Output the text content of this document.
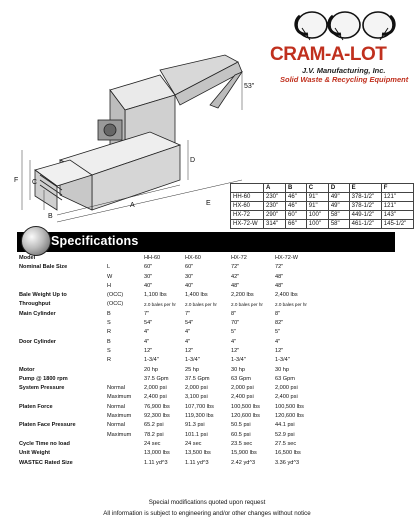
CRAM-A-LOT
J.V. Manufacturing, Inc.
Solid Waste & Recycling Equipment
A
B
C
D
E
F
53"
	A	B	C	D	E	F
HH-60	230"	46"	91"	49"	378-1/2"	121"
HX-60	230"	46"	91"	49"	378-1/2"	121"
HX-72	290"	60"	100"	58"	449-1/2"	143"
HX-72-W	314"	66"	100"	58"	461-1/2"	145-1/2"
Specifications
Model	HH-60	HX-60	HX-72	HX-72-W
Nominal Bale Size	L	60"	60"	72"	72"
W	30"	30"	42"	48"
H	40"	40"	48"	48"
Bale Weight Up to	(OCC)	1,100 lbs	1,400 lbs	2,200 lbs	2,400 lbs
Throughput	(OCC)	2.0 bales per hr 2.0 bales per hr	2.0 bales per hr	2.0 bales per hr
Main Cylinder	B	7"	7"	8"	8"
S	54"	54"	70"	82"
R	4"	4"	5"	5"
Door Cylinder	B	4"	4"	4"	4"
S	12"	12"	12"	12"
R	1-3/4"	1-3/4"	1-3/4"	1-3/4"
Motor	20 hp	25 hp	30 hp	30 hp
Pump @ 1800 rpm	37.5 Gpm	37.5 Gpm	63 Gpm	63 Gpm
System Pressure	Normal	2,000 psi	2,000 psi	2,000 psi	2,000 psi
Maximum 2,400 psi	3,100 psi	2,400 psi	2,400 psi
Platen Force	Normal	76,900 lbs	107,700 lbs	100,500 lbs	100,500 lbs
Maximum 92,300 lbs	119,300 lbs	120,600 lbs	120,600 lbs
Platen Face Pressure	Normal	65.2 psi	91.3 psi	50.5 psi	44.1 psi
Maximum 78.2 psi	101.1 psi	60.5 psi	52.9 psi
Cycle Time no load	24 sec	24 sec	23.5 sec	27.5 sec
Unit Weight	13,000 lbs	13,500 lbs	15,900 lbs	16,500 lbs
WASTEC Rated Size	1.11 yd^3	1.11 yd^3	2.42 yd^3	3.36 yd^3
Special modifications quoted upon request
All information is subject to engineering and/or other changes without notice
